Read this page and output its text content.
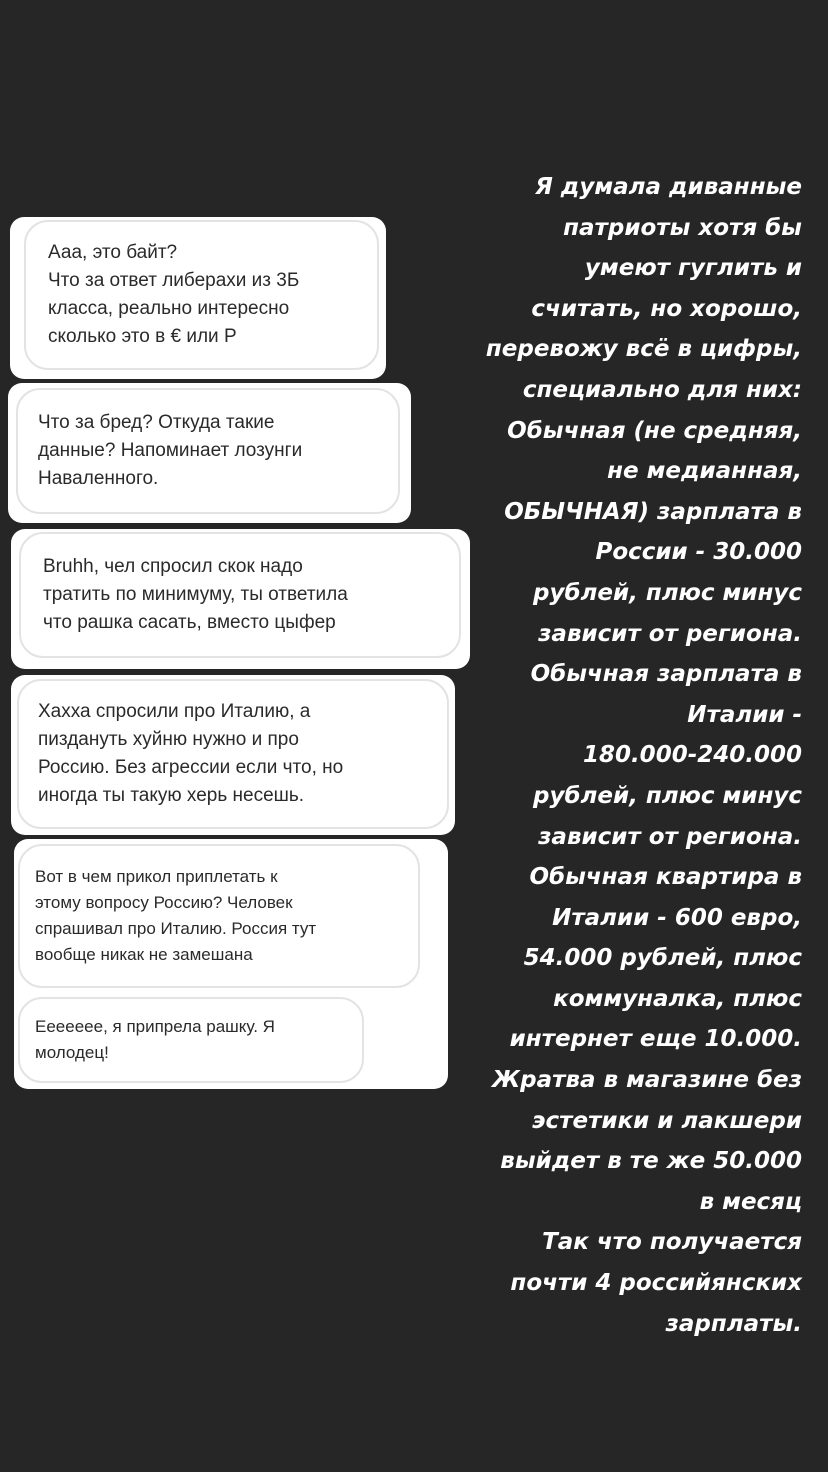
Ааа, это байт?
Что за ответ либерахи из 3Б
класса, реально интересно
сколько это в € или Р
Что за бред? Откуда такие
данные? Напоминает лозунги
Наваленного.
Bruhh, чел спросил скок надо
тратить по минимуму, ты ответила
что рашка сасать, вместо цыфер
Хахха спросили про Италию, а
пиздануть хуйню нужно и про
Россию. Без агрессии если что, но
иногда ты такую херь несешь.
Вот в чем прикол приплетать к
этому вопросу Россию? Человек
спрашивал про Италию. Россия тут
вообще никак не замешана
Еееееее, я припрела рашку. Я
молодец!
Я думала диванные
патриоты хотя бы
умеют гуглить и
считать, но хорошо,
перевожу всё в цифры,
специально для них:
Обычная (не средняя,
не медианная,
ОБЫЧНАЯ) зарплата в
России - 30.000
рублей, плюс минус
зависит от региона.
Обычная зарплата в
Италии -
180.000-240.000
рублей, плюс минус
зависит от региона.
Обычная квартира в
Италии - 600 евро,
54.000 рублей, плюс
коммуналка, плюс
интернет еще 10.000.
Жратва в магазине без
эстетики и лакшери
выйдет в те же 50.000
в месяц
Так что получается
почти 4 российянских
зарплаты.
